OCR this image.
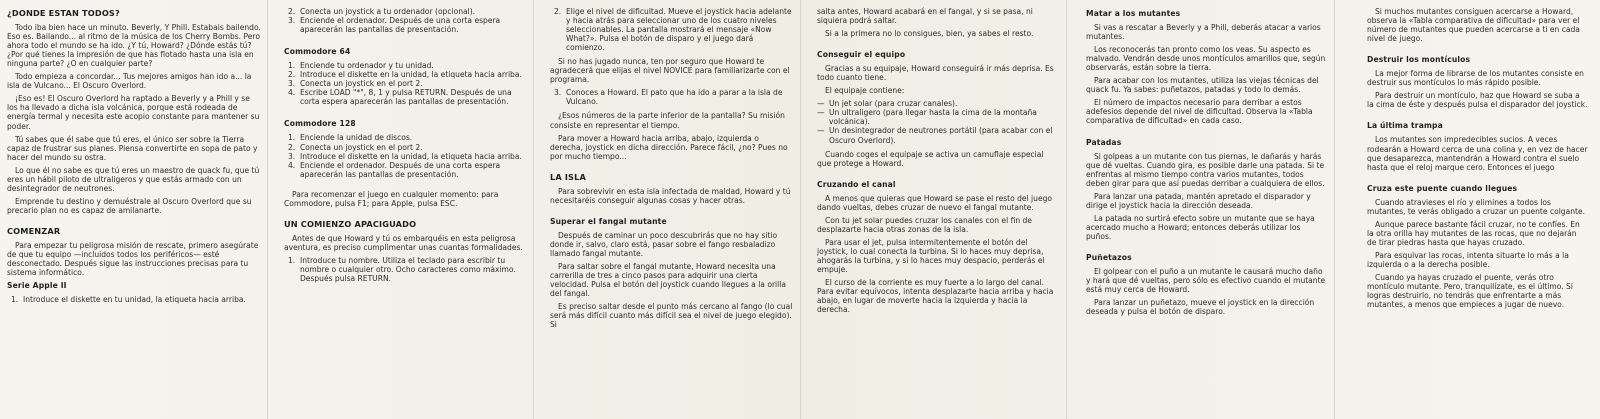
¿DONDE ESTAN TODOS?

Todo iba bien hace un minuto. Beverly, Y Phill. Estabais bailendo. Eso es. Bailando... al ritmo de la música de los Cherry Bombs. Pero ahora todo el mundo se ha ido. ¿Y tú, Howard? ¿Dónde estás tú? ¿Por qué tienes la impresión de que has flotado hasta una isla en ninguna parte? ¿O en cualquier parte?

Todo empieza a concordar... Tus mejores amigos han ido a... la isla de Vulcano... El Oscuro Overlord.

¡Eso es! El Oscuro Overlord ha raptado a Beverly y a Phill y se los ha llevado a dicha isla volcánica, porque está rodeada de energía termal y necesita este acopio constante para mantener su poder.

Tú sabes que él sabe que tú eres, el único ser sobre la Tierra capaz de frustrar sus planes. Piensa convertirte en sopa de pato y hacer del mundo su ostra.

Lo que él no sabe es que tú eres un maestro de quack fu, que tú eres un hábil piloto de ultraligeros y que estás armado con un desintegrador de neutrones.

Emprende tu destino y demuéstrale al Oscuro Overlord que su precario plan no es capaz de amilanarte.

COMENZAR

Para empezar tu peligrosa misión de rescate, primero asegúrate de que tu equipo —incluidos todos los periféricos— esté desconectado. Después sigue las instrucciones precisas para tu sistema informático.

Serie Apple II
1. Introduce el diskette en tu unidad, la etiqueta hacia arriba.
2. Conecta un joystick a tu ordenador (opcional).
3. Enciende el ordenador. Después de una corta espera aparecerán las pantallas de presentación.
Commodore 64
1. Enciende tu ordenador y tu unidad.
2. Introduce el diskette en la unidad, la etiqueta hacia arriba.
3. Conecta un joystick en el port 2.
4. Escribe LOAD "*", 8, 1 y pulsa RETURN. Después de una corta espera aparecerán las pantallas de presentación.
Commodore 128
1. Enciende la unidad de discos.
2. Conecta un joystick en el port 2.
3. Introduce el diskette en la unidad, la etiqueta hacia arriba.
4. Enciende el ordenador. Después de una corta espera aparecerán las pantallas de presentación.

Para recomenzar el juego en cualquier momento: para Commodore, pulsa F1; para Apple, pulsa ESC.

UN COMIENZO APACIGUADO

Antes de que Howard y tú os embarquéis en esta peligrosa aventura, es preciso cumplimentar unas cuantas formalidades.

1. Introduce tu nombre. Utiliza el teclado para escribir tu nombre o cualquier otro. Ocho caracteres como máximo. Después pulsa RETURN.
2. Elige el nivel de dificultad. Mueve el joystick hacia adelante y hacia atrás para seleccionar uno de los cuatro niveles seleccionables. La pantalla mostrará el mensaje «Now What?». Pulsa el botón de disparo y el juego dará comienzo.

Si no has jugado nunca, ten por seguro que Howard te agradecerá que elijas el nivel NOVICE para familiarizarte con el programa.

3. Conoces a Howard. El pato que ha ido a parar a la isla de Vulcano.

¿Esos números de la parte inferior de la pantalla? Su misión consiste en representar el tiempo.

Para mover a Howard hacia arriba, abajo, izquierda o derecha, joystick en dicha dirección. Parece fácil, ¿no? Pues no por mucho tiempo...

LA ISLA

Para sobrevivir en esta isla infectada de maldad, Howard y tú necesitaréis conseguir algunas cosas y hacer otras.

Superar el fangal mutante

Después de caminar un poco descubrirás que no hay sitio donde ir, salvo, claro está, pasar sobre el fango resbaladizo llamado fangal mutante.

Para saltar sobre el fangal mutante, Howard necesita una carrerilla de tres a cinco pasos para adquirir una cierta velocidad. Pulsa el botón del joystick cuando llegues a la orilla del fangal.

Es preciso saltar desde el punto más cercano al fango (lo cual será más difícil cuanto más difícil sea el nivel de juego elegido). Si

salta antes, Howard acabará en el fangal, y si se pasa, ni siquiera podrá saltar.

Si a la primera no lo consigues, bien, ya sabes el resto.

Conseguir el equipo

Gracias a su equipaje, Howard conseguirá ir más deprisa. Es todo cuanto tiene.

El equipaje contiene:

— Un jet solar (para cruzar canales).
— Un ultraligero (para llegar hasta la cima de la montaña volcánica).
— Un desintegrador de neutrones portátil (para acabar con el Oscuro Overlord).

Cuando coges el equipaje se activa un camuflaje especial que protege a Howard.

Cruzando el canal

A menos que quieras que Howard se pase el resto del juego dando vueltas, debes cruzar de nuevo el fangal mutante.

Con tu jet solar puedes cruzar los canales con el fin de desplazarte hacia otras zonas de la isla.

Para usar el jet, pulsa intermitentemente el botón del joystick, lo cual conecta la turbina. Si lo haces muy deprisa, ahogarás la turbina, y si lo haces muy despacio, perderás el empuje.

El curso de la corriente es muy fuerte a lo largo del canal. Para evitar equívocos, intenta desplazarte hacia arriba y hacia abajo, en lugar de moverte hacia la izquierda y hacia la derecha.

Matar a los mutantes

Si vas a rescatar a Beverly y a Phill, deberás atacar a varios mutantes.

Los reconocerás tan pronto como los veas. Su aspecto es malvado. Vendrán desde unos montículos amarillos que, según observarás, están sobre la tierra.

Para acabar con los mutantes, utiliza las viejas técnicas del quack fu. Ya sabes: puñetazos, patadas y todo lo demás.

El número de impactos necesario para derribar a estos adefesios depende del nivel de dificultad. Observa la «Tabla comparativa de dificultad» en cada caso.

Patadas

Si golpeas a un mutante con tus piernas, le dañarás y harás que dé vueltas. Cuando gira, es posible darle una patada. Si te enfrentas al mismo tiempo contra varios mutantes, todos deben girar para que así puedas derribar a cualquiera de ellos.

Para lanzar una patada, mantén apretado el disparador y dirige el joystick hacia la dirección deseada.

La patada no surtirá efecto sobre un mutante que se haya acercado mucho a Howard; entonces deberás utilizar los puños.

Puñetazos

El golpear con el puño a un mutante le causará mucho daño y hará que dé vueltas, pero sólo es efectivo cuando el mutante está muy cerca de Howard.

Para lanzar un puñetazo, mueve el joystick en la dirección deseada y pulsa el botón de disparo.

Si muchos mutantes consiguen acercarse a Howard, observa la «Tabla comparativa de dificultad» para ver el número de mutantes que pueden acercarse a ti en cada nivel de juego.

Destruir los montículos

La mejor forma de librarse de los mutantes consiste en destruir sus montículos lo más rápido posible.

Para destruir un montículo, haz que Howard se suba a la cima de éste y después pulsa el disparador del joystick.

La última trampa

Los mutantes son impredecibles sucios. A veces rodearán a Howard cerca de una colina y, en vez de hacer que desaparezca, mantendrán a Howard contra el suelo hasta que el reloj marque cero. Entonces el juego

Cruza este puente cuando llegues

Cuando atravieses el río y elimines a todos los mutantes, te verás obligado a cruzar un puente colgante.

Aunque parece bastante fácil cruzar, no te confíes. En la otra orilla hay mutantes de las rocas, que no dejarán de tirar piedras hasta que hayas cruzado.

Para esquivar las rocas, intenta situarte lo más a la izquierda o a la derecha posible.

Cuando ya hayas cruzado el puente, verás otro montículo mutante. Pero, tranquilízate, es el último. Si logras destruirlo, no tendrás que enfrentarte a más mutantes, a menos que empieces a jugar de nuevo.
